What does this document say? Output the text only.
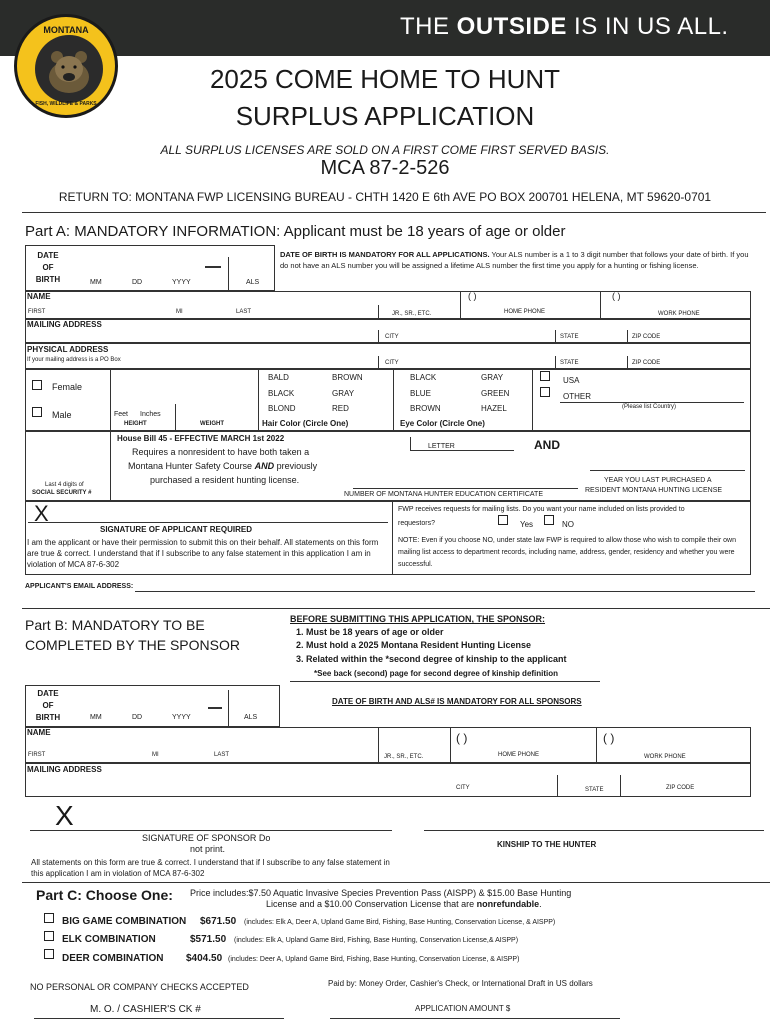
THE OUTSIDE IS IN US ALL.
MONTANA
FISH, WILDLIFE & PARKS
2025 COME HOME TO HUNT
SURPLUS APPLICATION
ALL SURPLUS LICENSES ARE SOLD ON A FIRST COME FIRST SERVED BASIS.
MCA 87-2-526
RETURN TO: MONTANA FWP LICENSING BUREAU - CHTH 1420 E 6th AVE PO BOX 200701 HELENA, MT 59620-0701
Part A: MANDATORY INFORMATION: Applicant must be 18 years of age or older
DATE
OF
BIRTH	MM	DD	YYYY	ALS
DATE OF BIRTH IS MANDATORY FOR ALL APPLICATIONS. Your ALS number is a 1 to 3 digit number that follows your date of birth. If you do not have an ALS number you will be assigned a lifetime ALS number the first time you apply for a hunting or fishing license.
NAME	( )	( )
FIRST	MI	LAST	JR., SR., ETC.	HOME PHONE	WORK PHONE
MAILING ADDRESS
CITY	STATE	ZIP CODE
PHYSICAL ADDRESS
If your mailing address is a PO Box	CITY	STATE	ZIP CODE
Female
Male	Feet Inches
HEIGHT	WEIGHT
BALD	BROWN
BLACK	GRAY
BLOND	RED
Hair Color (Circle One)
BLACK	GRAY
BLUE	GREEN
BROWN	HAZEL
Eye Color (Circle One)
USA
OTHER
(Please list Country)
Last 4 digits of
SOCIAL SECURITY #
House Bill 45 - EFFECTIVE MARCH 1st 2022
Requires a nonresident to have both taken a
Montana Hunter Safety Course AND previously
purchased a resident hunting license.
LETTER	AND
NUMBER OF MONTANA HUNTER EDUCATION CERTIFICATE
YEAR YOU LAST PURCHASED A
RESIDENT MONTANA HUNTING LICENSE
X
SIGNATURE OF APPLICANT REQUIRED
I am the applicant or have their permission to submit this on their behalf. All statements on this form are true & correct. I understand that if I subscribe to any false statement in this application I am in violation of MCA 87-6-302
FWP receives requests for mailing lists. Do you want your name included on lists provided to requestors?	Yes	NO
NOTE: Even if you choose NO, under state law FWP is required to allow those who wish to compile their own mailing list access to department records, including name, address, gender, residency and whether you were successful.
APPLICANT'S EMAIL ADDRESS:
Part B: MANDATORY TO BE
COMPLETED BY THE SPONSOR
BEFORE SUBMITTING THIS APPLICATION, THE SPONSOR:
1. Must be 18 years of age or older
2. Must hold a 2025 Montana Resident Hunting License
3. Related within the *second degree of kinship to the applicant
*See back (second) page for second degree of kinship definition
DATE
OF
BIRTH	MM	DD	YYYY	ALS
DATE OF BIRTH AND ALS# IS MANDATORY FOR ALL SPONSORS
NAME	( )	( )
FIRST	MI	LAST	JR., SR., ETC.	HOME PHONE	WORK PHONE
MAILING ADDRESS
CITY	STATE	ZIP CODE
X
SIGNATURE OF SPONSOR Do
not print.
All statements on this form are true & correct. I understand that if I subscribe to any false statement in this application I am in violation of MCA 87-6-302
KINSHIP TO THE HUNTER
Part C: Choose One: Price includes:$7.50 Aquatic Invasive Species Prevention Pass (AISPP) & $15.00 Base Hunting
License and a $10.00 Conservation License that are nonrefundable.
BIG GAME COMBINATION $671.50 (includes: Elk A, Deer A, Upland Game Bird, Fishing, Base Hunting, Conservation License, & AISPP)
ELK COMBINATION	$571.50 (includes: Elk A, Upland Game Bird, Fishing, Base Hunting, Conservation License,& AISPP)
DEER COMBINATION $404.50 (includes: Deer A, Upland Game Bird, Fishing, Base Hunting, Conservation License, & AISPP)
NO PERSONAL OR COMPANY CHECKS ACCEPTED	Paid by: Money Order, Cashier's Check, or International Draft in US dollars
M. O. / CASHIER'S CK #	APPLICATION AMOUNT $
